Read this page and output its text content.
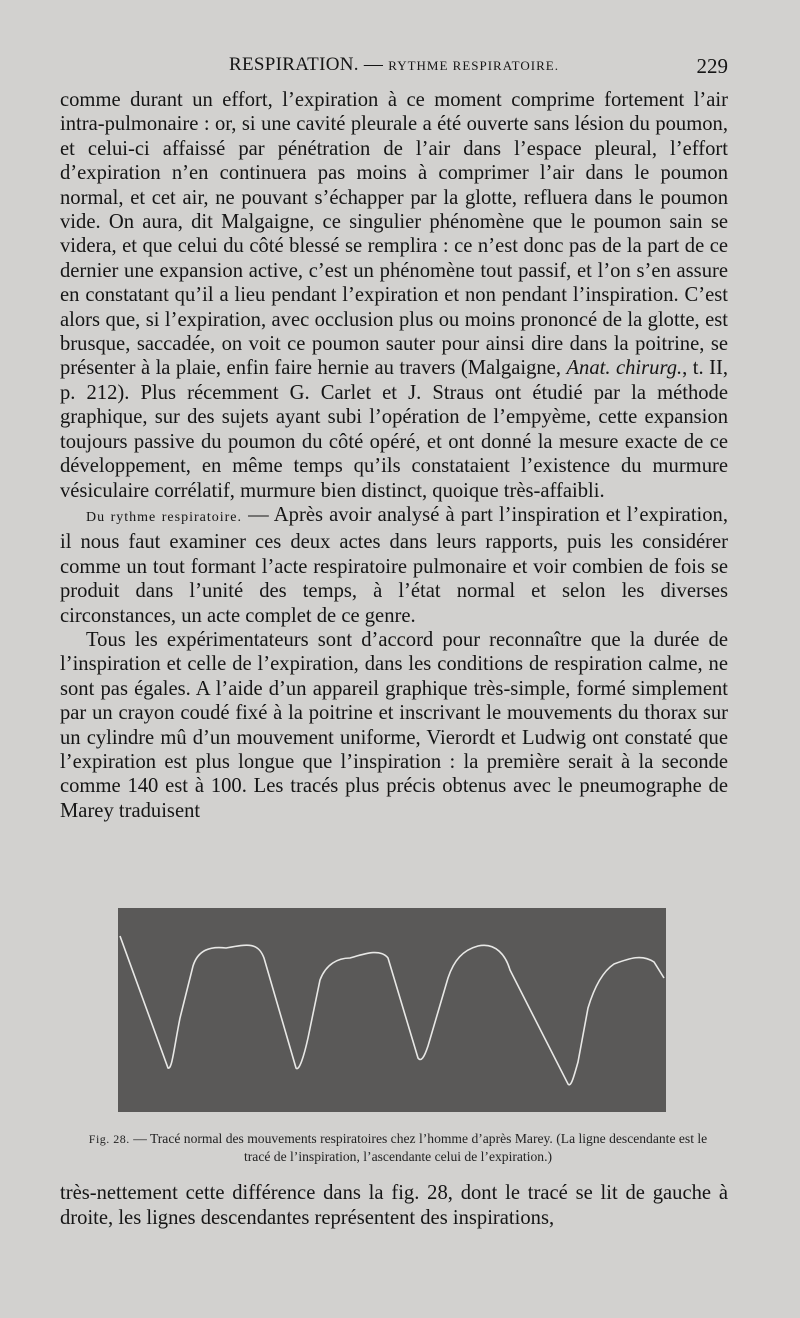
RESPIRATION. — RYTHME RESPIRATOIRE.	229

comme durant un effort, l’expiration à ce moment comprime fortement l’air intra-pulmonaire : or, si une cavité pleurale a été ouverte sans lésion du poumon, et celui-ci affaissé par pénétration de l’air dans l’espace pleural, l’effort d’expiration n’en continuera pas moins à comprimer l’air dans le poumon normal, et cet air, ne pouvant s’échapper par la glotte, refluera dans le poumon vide. On aura, dit Malgaigne, ce singulier phénomène que le poumon sain se videra, et que celui du côté blessé se remplira : ce n’est donc pas de la part de ce dernier une expansion active, c’est un phénomène tout passif, et l’on s’en assure en constatant qu’il a lieu pendant l’expiration et non pendant l’inspiration. C’est alors que, si l’expiration, avec occlusion plus ou moins prononcé de la glotte, est brusque, saccadée, on voit ce poumon sauter pour ainsi dire dans la poitrine, se présenter à la plaie, enfin faire hernie au travers (Malgaigne, Anat. chirurg., t. II, p. 212). Plus récemment G. Carlet et J. Straus ont étudié par la méthode graphique, sur des sujets ayant subi l’opération de l’empyème, cette expansion toujours passive du poumon du côté opéré, et ont donné la mesure exacte de ce développement, en même temps qu’ils constataient l’existence du murmure vésiculaire corrélatif, murmure bien distinct, quoique très-affaibli.

Du rythme respiratoire. — Après avoir analysé à part l’inspiration et l’expiration, il nous faut examiner ces deux actes dans leurs rapports, puis les considérer comme un tout formant l’acte respiratoire pulmonaire et voir combien de fois se produit dans l’unité des temps, à l’état normal et selon les diverses circonstances, un acte complet de ce genre.

Tous les expérimentateurs sont d’accord pour reconnaître que la durée de l’inspiration et celle de l’expiration, dans les conditions de respiration calme, ne sont pas égales. A l’aide d’un appareil graphique très-simple, formé simplement par un crayon coudé fixé à la poitrine et inscrivant le mouvements du thorax sur un cylindre mû d’un mouvement uniforme, Vierordt et Ludwig ont constaté que l’expiration est plus longue que l’inspiration : la première serait à la seconde comme 140 est à 100. Les tracés plus précis obtenus avec le pneumographe de Marey traduisent

Fig. 28. — Tracé normal des mouvements respiratoires chez l’homme d’après Marey. (La ligne descendante est le tracé de l’inspiration, l’ascendante celui de l’expiration.)

très-nettement cette différence dans la fig. 28, dont le tracé se lit de gauche à droite, les lignes descendantes représentent des inspirations,
